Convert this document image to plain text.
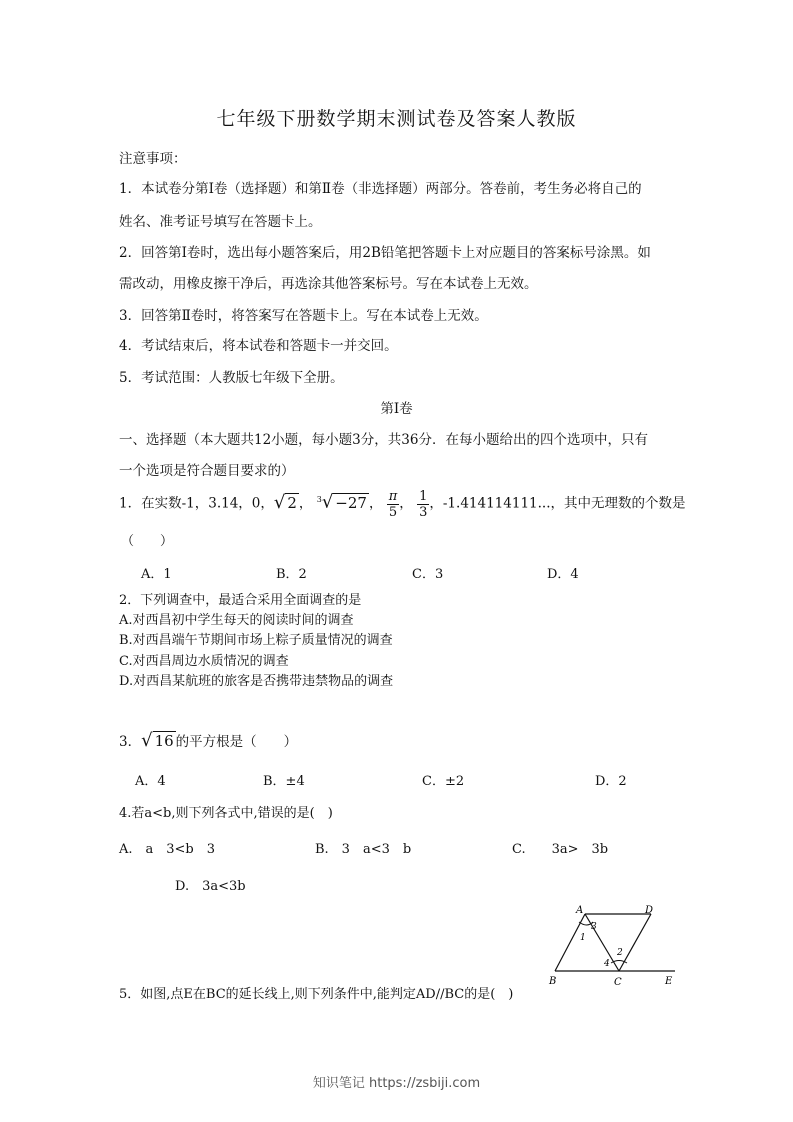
七年级下册数学期末测试卷及答案人教版
注意事项：
1．本试卷分第Ⅰ卷（选择题）和第Ⅱ卷（非选择题）两部分。答卷前，考生务必将自己的
姓名、准考证号填写在答题卡上。
2．回答第Ⅰ卷时，选出每小题答案后，用2B铅笔把答题卡上对应题目的答案标号涂黑。如
需改动，用橡皮擦干净后，再选涂其他答案标号。写在本试卷上无效。
3．回答第Ⅱ卷时，将答案写在答题卡上。写在本试卷上无效。
4．考试结束后，将本试卷和答题卡一并交回。
5．考试范围：人教版七年级下全册。
第Ⅰ卷
一、选择题（本大题共12小题，每小题3分，共36分．在每小题给出的四个选项中，只有
一个选项是符合题目要求的）
1．在实数-1，3.14，0，√ 2 ， $^3$√ −27 ， $\frac{\pi}{5}$ ， $\frac{1}{3}$ ，-1.414114111...，其中无理数的个数是
（　　）
A．1	B．2	C．3	D．4
2．下列调查中，最适合采用全面调查的是
A.对西昌初中学生每天的阅读时间的调查
B.对西昌端午节期间市场上粽子质量情况的调查
C.对西昌周边水质情况的调查
D.对西昌某航班的旅客是否携带违禁物品的调查
3．√ 16 的平方根是（　　）
A．4	B．±4	C．±2	D．2
4.若a<b,则下列各式中,错误的是(　)
A.　a　3<b　3	B.　3　a<3　b	C.　　3a>　3b
D.　3a<3b
A	D
B	C	E
1
2
3
4
5．如图,点E在BC的延长线上,则下列条件中,能判定AD//BC的是(　)
知识笔记 https://zsbiji.com
